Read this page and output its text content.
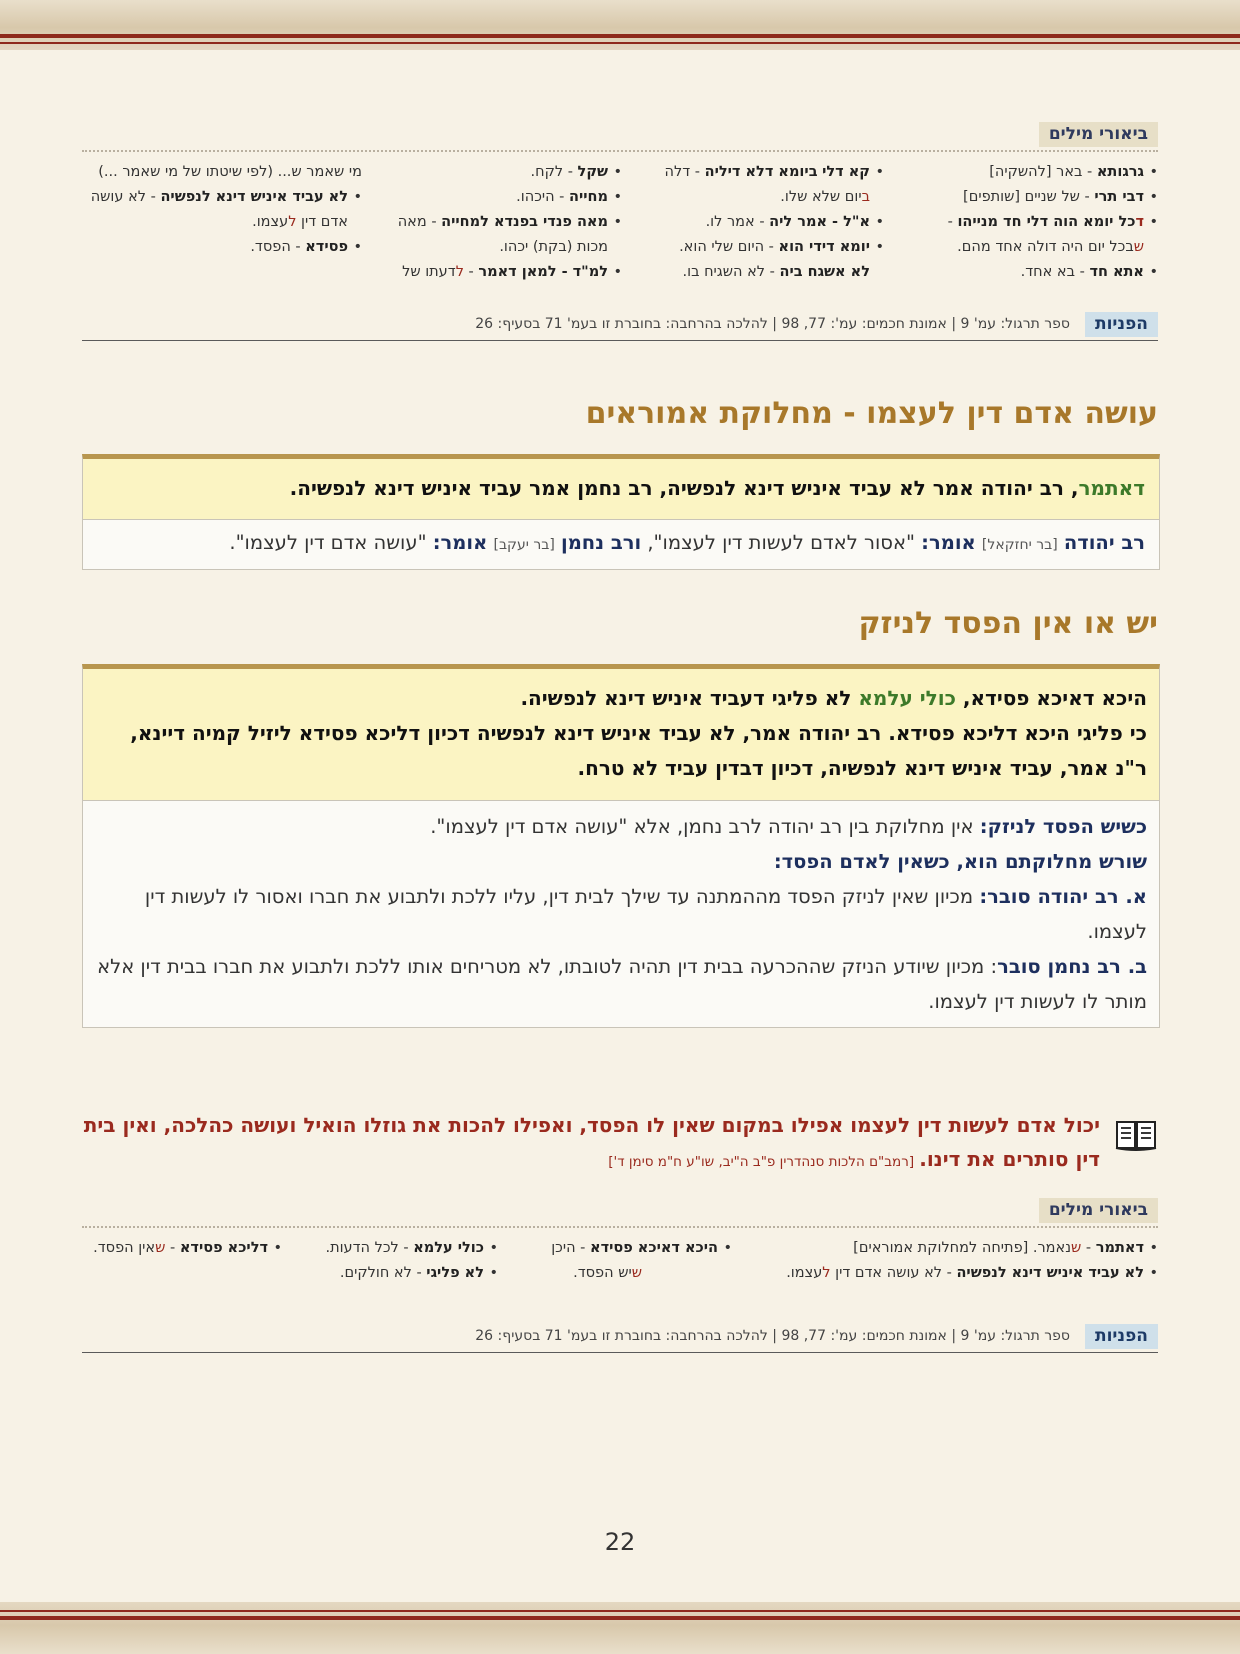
ביאורי מילים
• גרגותא - באר [להשקיה]
• דבי תרי - של שניים [שותפים]
• דכל יומא הוה דלי חד מנייהו -
שבכל יום היה דולה אחד מהם.
• אתא חד - בא אחד.
• קא דלי ביומא דלא דיליה - דלה
ביום שלא שלו.
• א"ל - אמר ליה - אמר לו.
• יומא דידי הוא - היום שלי הוא.
לא אשגח ביה - לא השגיח בו.
• שקל - לקח.
• מחייה - היכהו.
• מאה פנדי בפנדא למחייה - מאה
מכות (בקת) יכהו.
• למ"ד - למאן דאמר - לדעתו של
מי שאמר ש... (לפי שיטתו של מי שאמר ...)
• לא עביד איניש דינא לנפשיה - לא עושה
אדם דין לעצמו.
• פסידא - הפסד.
הפניות
ספר תרגול: עמ' 9 | אמונת חכמים: עמ': 77, 98 | להלכה בהרחבה: בחוברת זו בעמ' 71 בסעיף: 26
עושה אדם דין לעצמו - מחלוקת אמוראים
דאתמר, רב יהודה אמר לא עביד איניש דינא לנפשיה, רב נחמן אמר עביד איניש דינא לנפשיה.
רב יהודה [בר יחזקאל] אומר: "אסור לאדם לעשות דין לעצמו", ורב נחמן [בר יעקב] אומר: "עושה אדם דין לעצמו".
יש או אין הפסד לניזק
היכא דאיכא פסידא, כולי עלמא לא פליגי דעביד איניש דינא לנפשיה.
כי פליגי היכא דליכא פסידא. רב יהודה אמר, לא עביד איניש דינא לנפשיה דכיון דליכא פסידא ליזיל קמיה דיינא,
ר"נ אמר, עביד איניש דינא לנפשיה, דכיון דבדין עביד לא טרח.
כשיש הפסד לניזק: אין מחלוקת בין רב יהודה לרב נחמן, אלא "עושה אדם דין לעצמו".
שורש מחלוקתם הוא, כשאין לאדם הפסד:
א. רב יהודה סובר: מכיון שאין לניזק הפסד מההמתנה עד שילך לבית דין, עליו ללכת ולתבוע את חברו ואסור לו לעשות דין לעצמו.
ב. רב נחמן סובר: מכיון שיודע הניזק שההכרעה בבית דין תהיה לטובתו, לא מטריחים אותו ללכת ולתבוע את חברו בבית דין אלא מותר לו לעשות דין לעצמו.
יכול אדם לעשות דין לעצמו אפילו במקום שאין לו הפסד, ואפילו להכות את גוזלו הואיל ועושה כהלכה, ואין בית דין סותרים את דינו. [רמב"ם הלכות סנהדרין פ"ב ה"יב, שו"ע ח"מ סימן ד']
ביאורי מילים
• דאתמר - שנאמר. [פתיחה למחלוקת אמוראים]
• לא עביד איניש דינא לנפשיה - לא עושה אדם דין לעצמו.
• היכא דאיכא פסידא - היכן
שיש הפסד.
• כולי עלמא - לכל הדעות.
• לא פליגי - לא חולקים.
• דליכא פסידא - שאין הפסד.
הפניות
ספר תרגול: עמ' 9 | אמונת חכמים: עמ': 77, 98 | להלכה בהרחבה: בחוברת זו בעמ' 71 בסעיף: 26
22
